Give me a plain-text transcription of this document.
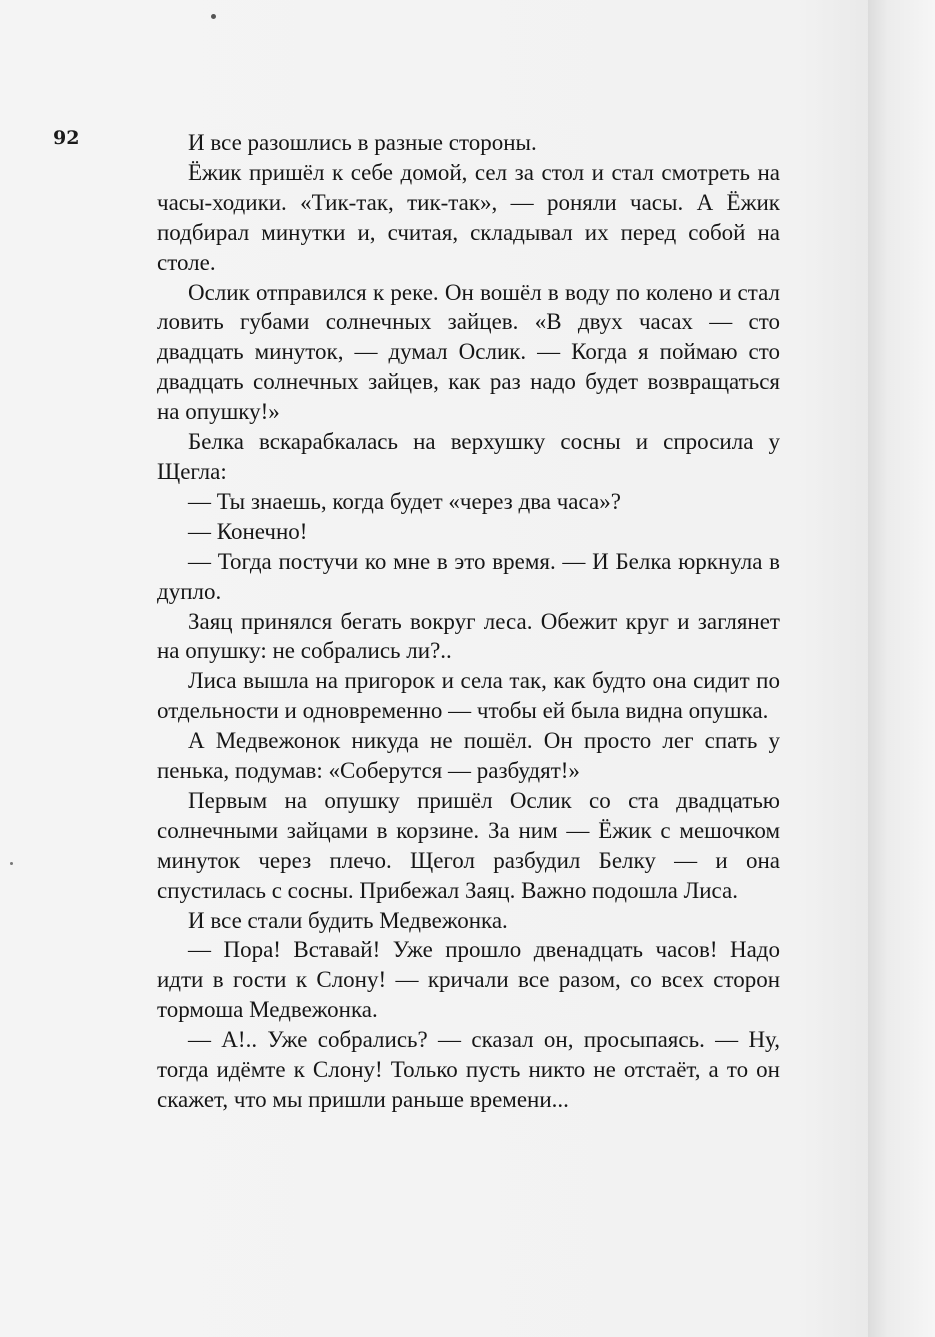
92	И все разошлись в разные стороны.

Ёжик пришёл к себе домой, сел за стол и стал смотреть на часы-ходики. «Тик-так, тик-так», — роняли часы. А Ёжик подбирал минутки и, считая, складывал их перед собой на столе.

Ослик отправился к реке. Он вошёл в воду по колено и стал ловить губами солнечных зайцев. «В двух часах — сто двадцать минуток, — думал Ослик. — Когда я поймаю сто двадцать солнечных зайцев, как раз надо будет возвращаться на опушку!»

Белка вскарабкалась на верхушку сосны и спросила у Щегла:

— Ты знаешь, когда будет «через два часа»?

— Конечно!

— Тогда постучи ко мне в это время. — И Белка юркнула в дупло.

Заяц принялся бегать вокруг леса. Обежит круг и заглянет на опушку: не собрались ли?..

Лиса вышла на пригорок и села так, как будто она сидит по отдельности и одновременно — чтобы ей была видна опушка.

А Медвежонок никуда не пошёл. Он просто лег спать у пенька, подумав: «Соберутся — разбудят!»

Первым на опушку пришёл Ослик со ста двадцатью солнечными зайцами в корзине. За ним — Ёжик с мешочком минуток через плечо. Щегол разбудил Белку — и она спустилась с сосны. Прибежал Заяц. Важно подошла Лиса.

И все стали будить Медвежонка.

— Пора! Вставай! Уже прошло двенадцать часов! Надо идти в гости к Слону! — кричали все разом, со всех сторон тормоша Медвежонка.

— А!.. Уже собрались? — сказал он, просыпаясь. — Ну, тогда идёмте к Слону! Только пусть никто не отстаёт, а то он скажет, что мы пришли раньше времени...
